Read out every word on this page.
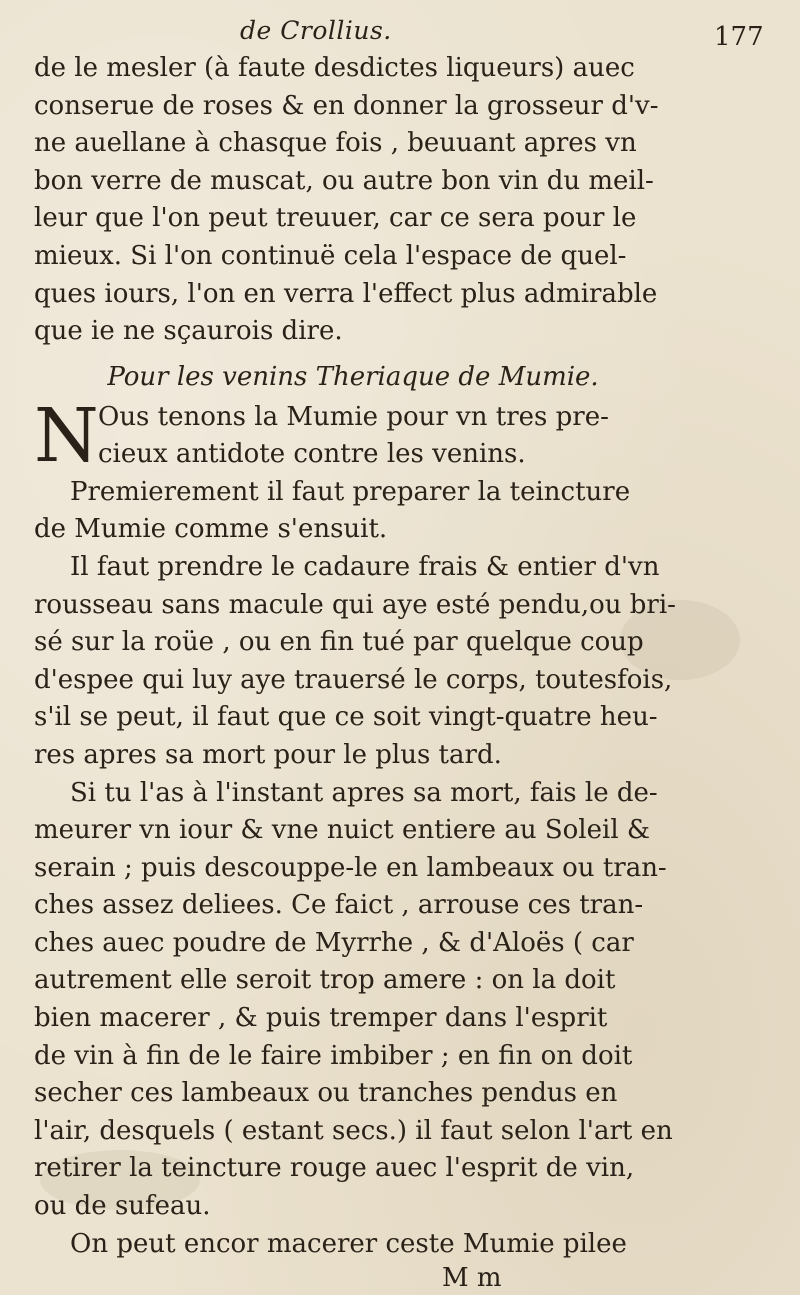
de Crollius.	177
de le mesler (à faute desdictes liqueurs) auec
conserue de roses & en donner la grosseur d'v-
ne auellane à chasque fois , beuuant apres vn
bon verre de muscat, ou autre bon vin du meil-
leur que l'on peut treuuer, car ce sera pour le
mieux. Si l'on continuë cela l'espace de quel-
ques iours, l'on en verra l'effect plus admirable
que ie ne sçaurois dire.
Pour les venins Theriaque de Mumie.
N Ous tenons la Mumie pour vn tres pre-
cieux antidote contre les venins.
Premierement il faut preparer la teincture
de Mumie comme s'ensuit.
Il faut prendre le cadaure frais & entier d'vn
rousseau sans macule qui aye esté pendu,ou bri-
sé sur la roüe , ou en fin tué par quelque coup
d'espee qui luy aye trauersé le corps, toutesfois,
s'il se peut, il faut que ce soit vingt-quatre heu-
res apres sa mort pour le plus tard.
Si tu l'as à l'instant apres sa mort, fais le de-
meurer vn iour & vne nuict entiere au Soleil &
serain ; puis descouppe-le en lambeaux ou tran-
ches assez deliees. Ce faict , arrouse ces tran-
ches auec poudre de Myrrhe , & d'Aloës ( car
autrement elle seroit trop amere : on la doit
bien macerer , & puis tremper dans l'esprit
de vin à fin de le faire imbiber ; en fin on doit
secher ces lambeaux ou tranches pendus en
l'air, desquels ( estant secs.) il faut selon l'art en
retirer la teincture rouge auec l'esprit de vin,
ou de sufeau.
On peut encor macerer ceste Mumie pilee
M m
